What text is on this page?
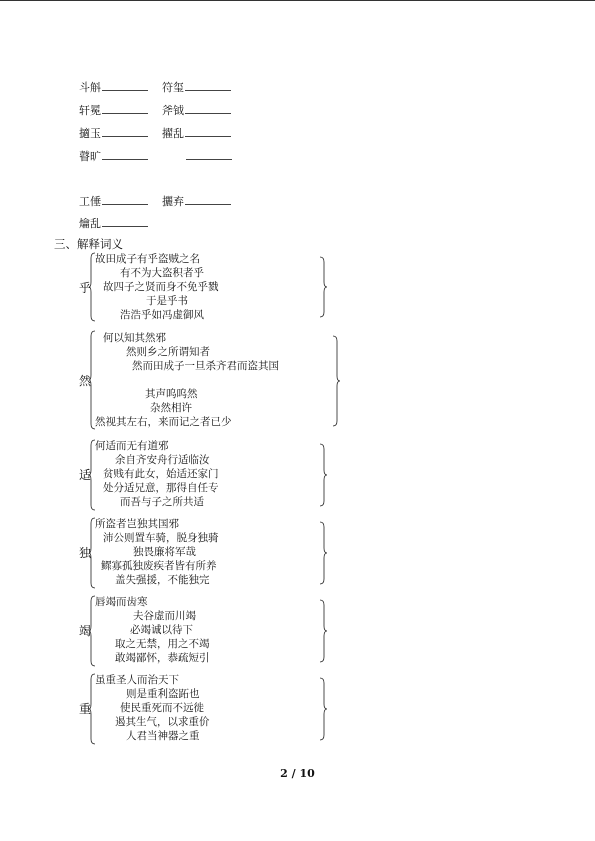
斗斛	符玺
轩冕	斧钺
擿玉	擢乱
瞽旷
工倕	攦弃
爚乱
三、解释词义
乎
故田成子有乎盗贼之名
有不为大盗积者乎
故四子之贤而身不免乎戮
于是乎书
浩浩乎如冯虚御风
然
何以知其然邪
然则乡之所谓知者
然而田成子一旦杀齐君而盗其国
其声呜呜然
杂然相许
然视其左右，来而记之者已少
适
何适而无有道邪
余自齐安舟行适临汝
贫贱有此女，始适还家门
处分适兄意，那得自任专
而吾与子之所共适
独
所盗者岂独其国邪
沛公则置车骑，脱身独骑
独畏廉将军哉
鳏寡孤独废疾者皆有所养
盖失强援，不能独完
竭
唇竭而齿寒
夫谷虚而川竭
必竭诚以待下
取之无禁，用之不竭
敢竭鄙怀，恭疏短引
重
虽重圣人而治天下
则是重利盗跖也
使民重死而不远徙
遏其生气，以求重价
人君当神器之重
2 / 10
